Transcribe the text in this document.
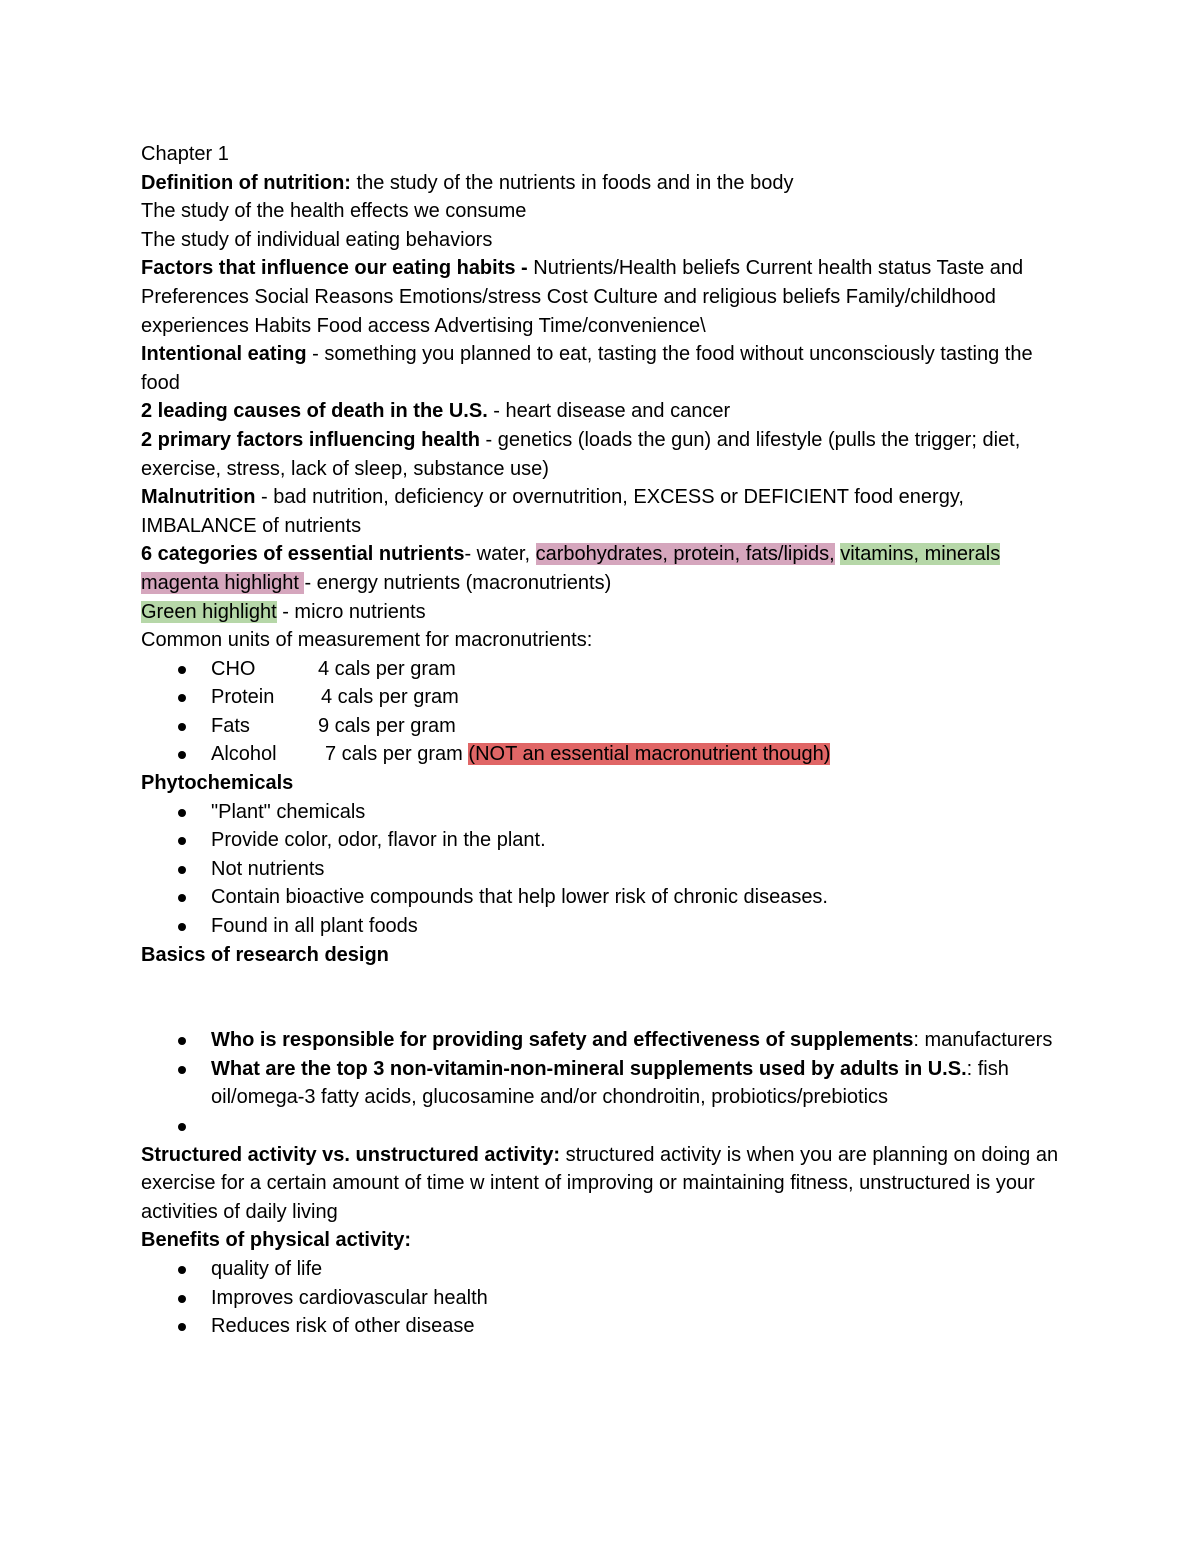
Chapter 1

Definition of nutrition: the study of the nutrients in foods and in the body

The study of the health effects we consume

The study of individual eating behaviors

Factors that influence our eating habits - Nutrients/Health beliefs Current health status Taste and Preferences Social Reasons Emotions/stress Cost Culture and religious beliefs Family/childhood experiences Habits Food access Advertising Time/convenience\

Intentional eating - something you planned to eat, tasting the food without unconsciously tasting the food

2 leading causes of death in the U.S. - heart disease and cancer

2 primary factors influencing health - genetics (loads the gun) and lifestyle (pulls the trigger; diet, exercise, stress, lack of sleep, substance use)

Malnutrition - bad nutrition, deficiency or overnutrition, EXCESS or DEFICIENT food energy, IMBALANCE of nutrients

6 categories of essential nutrients- water, carbohydrates, protein, fats/lipids, vitamins, minerals

magenta highlight - energy nutrients (macronutrients)

Green highlight - micro nutrients

Common units of measurement for macronutrients:

CHO	4 cals per gram
Protein 4 cals per gram
Fats	9 cals per gram
Alcohol 7 cals per gram (NOT an essential macronutrient though)

Phytochemicals

"Plant" chemicals
Provide color, odor, flavor in the plant.
Not nutrients
Contain bioactive compounds that help lower risk of chronic diseases.
Found in all plant foods

Basics of research design

Who is responsible for providing safety and effectiveness of supplements: manufacturers
What are the top 3 non-vitamin-non-mineral supplements used by adults in U.S.: fish oil/omega-3 fatty acids, glucosamine and/or chondroitin, probiotics/prebiotics

Structured activity vs. unstructured activity: structured activity is when you are planning on doing an exercise for a certain amount of time w intent of improving or maintaining fitness, unstructured is your activities of daily living

Benefits of physical activity:

quality of life
Improves cardiovascular health
Reduces risk of other disease
